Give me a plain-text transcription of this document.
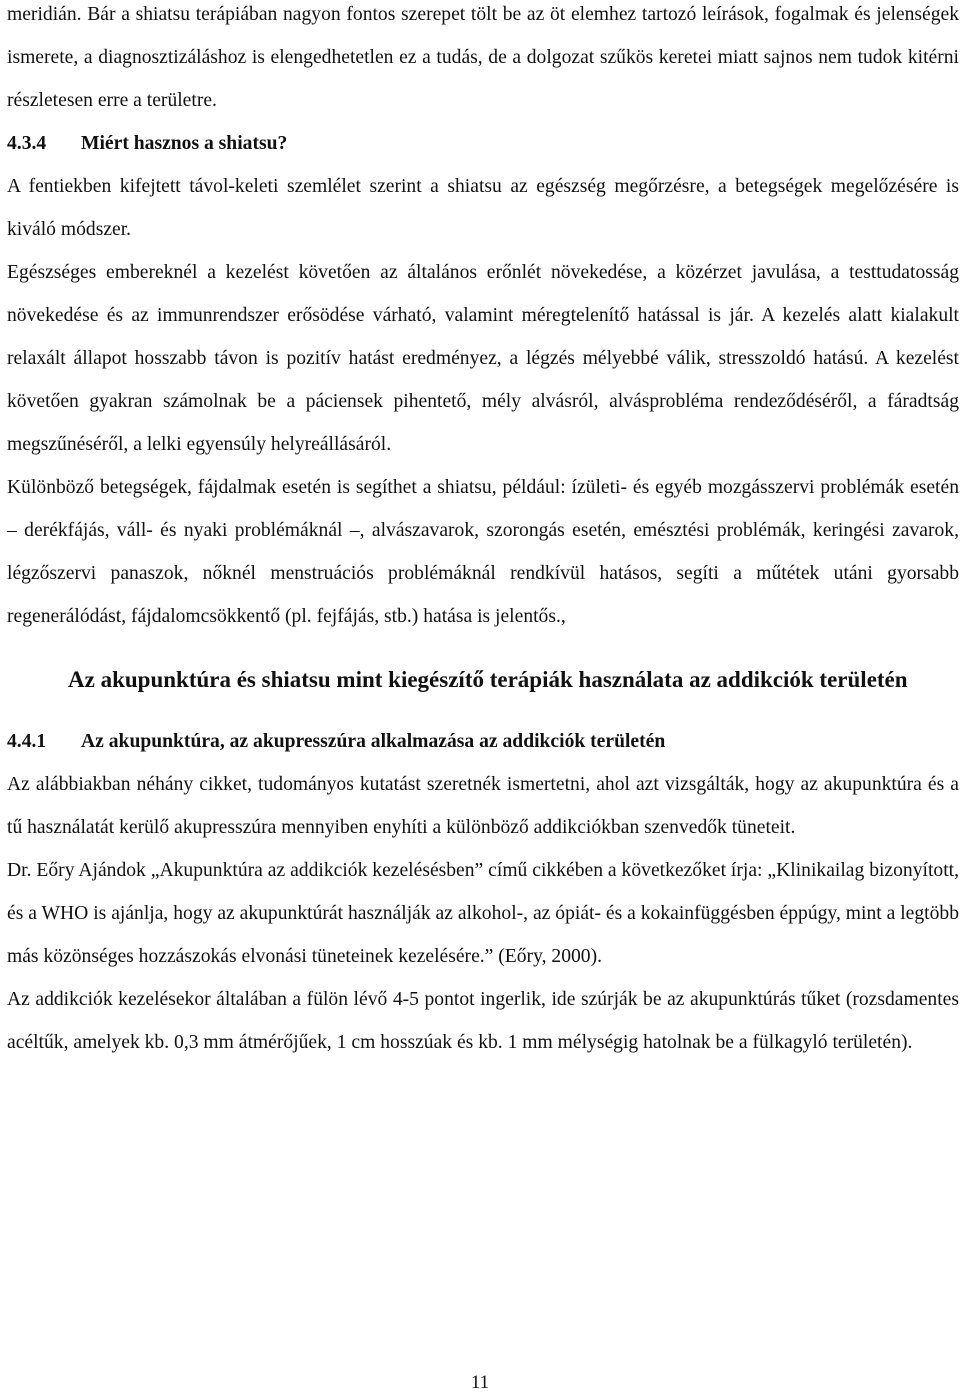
meridián. Bár a shiatsu terápiában nagyon fontos szerepet tölt be az öt elemhez tartozó leírások, fogalmak és jelenségek ismerete, a diagnosztizáláshoz is elengedhetetlen ez a tudás, de a dolgozat szűkös keretei miatt sajnos nem tudok kitérni részletesen erre a területre.

4.3.4 Miért hasznos a shiatsu?

A fentiekben kifejtett távol-keleti szemlélet szerint a shiatsu az egészség megőrzésre, a betegségek megelőzésére is kiváló módszer.

Egészséges embereknél a kezelést követően az általános erőnlét növekedése, a közérzet javulása, a testtudatosság növekedése és az immunrendszer erősödése várható, valamint méregtelenítő hatással is jár. A kezelés alatt kialakult relaxált állapot hosszabb távon is pozitív hatást eredményez, a légzés mélyebbé válik, stresszoldó hatású. A kezelést követően gyakran számolnak be a páciensek pihentető, mély alvásról, alvásprobléma rendeződéséről, a fáradtság megszűnéséről, a lelki egyensúly helyreállásáról.

Különböző betegségek, fájdalmak esetén is segíthet a shiatsu, például: ízületi- és egyéb mozgásszervi problémák esetén – derékfájás, váll- és nyaki problémáknál –, alvászavarok, szorongás esetén, emésztési problémák, keringési zavarok, légzőszervi panaszok, nőknél menstruációs problémáknál rendkívül hatásos, segíti a műtétek utáni gyorsabb regenerálódást, fájdalomcsökkentő (pl. fejfájás, stb.) hatása is jelentős.,

Az akupunktúra és shiatsu mint kiegészítő terápiák használata az addikciók területén
4.4.1 Az akupunktúra, az akupresszúra alkalmazása az addikciók területén

Az alábbiakban néhány cikket, tudományos kutatást szeretnék ismertetni, ahol azt vizsgálták, hogy az akupunktúra és a tű használatát kerülő akupresszúra mennyiben enyhíti a különböző addikciókban szenvedők tüneteit.

Dr. Eőry Ajándok „Akupunktúra az addikciók kezelésésben” című cikkében a következőket írja: „Klinikailag bizonyított, és a WHO is ajánlja, hogy az akupunktúrát használják az alkohol-, az ópiát- és a kokainfüggésben éppúgy, mint a legtöbb más közönséges hozzászokás elvonási tüneteinek kezelésére.” (Eőry, 2000).

Az addikciók kezelésekor általában a fülön lévő 4-5 pontot ingerlik, ide szúrják be az akupunktúrás tűket (rozsdamentes acéltűk, amelyek kb. 0,3 mm átmérőjűek, 1 cm hosszúak és kb. 1 mm mélységig hatolnak be a fülkagyló területén).

11
